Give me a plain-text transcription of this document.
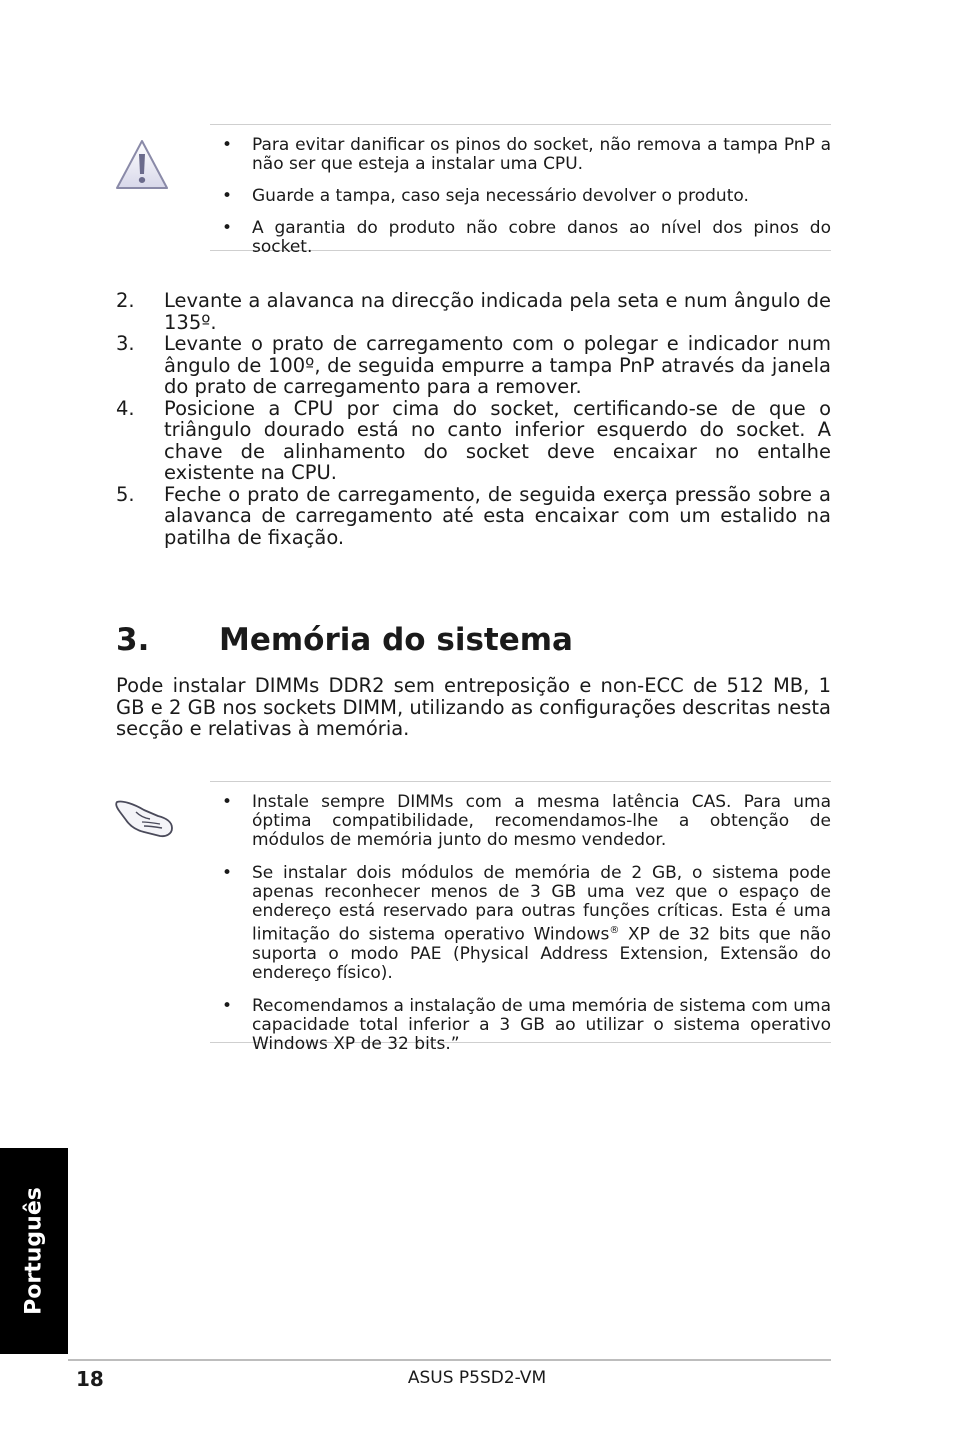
• Para evitar danificar os pinos do socket, não remova a tampa PnP a não ser que esteja a instalar uma CPU.
• Guarde a tampa, caso seja necessário devolver o produto.
• A garantia do produto não cobre danos ao nível dos pinos do socket.
2. Levante a alavanca na direcção indicada pela seta e num ângulo de 135º.
3. Levante o prato de carregamento com o polegar e indicador num ângulo de 100º, de seguida empurre a tampa PnP através da janela do prato de carregamento para a remover.
4. Posicione a CPU por cima do socket, certificando-se de que o triângulo dourado está no canto inferior esquerdo do socket. A chave de alinhamento do socket deve encaixar no entalhe existente na CPU.
5. Feche o prato de carregamento, de seguida exerça pressão sobre a alavanca de carregamento até esta encaixar com um estalido na patilha de fixação.
3. Memória do sistema

Pode instalar DIMMs DDR2 sem entreposição e non-ECC de 512 MB, 1 GB e 2 GB nos sockets DIMM, utilizando as configurações descritas nesta secção e relativas à memória.

• Instale sempre DIMMs com a mesma latência CAS. Para uma óptima compatibilidade, recomendamos-lhe a obtenção de módulos de memória junto do mesmo vendedor.
• Se instalar dois módulos de memória de 2 GB, o sistema pode apenas reconhecer menos de 3 GB uma vez que o espaço de endereço está reservado para outras funções críticas. Esta é uma limitação do sistema operativo Windows® XP de 32 bits que não suporta o modo PAE (Physical Address Extension, Extensão do endereço físico).
• Recomendamos a instalação de uma memória de sistema com uma capacidade total inferior a 3 GB ao utilizar o sistema operativo Windows XP de 32 bits.”
Português
18	ASUS P5SD2-VM
